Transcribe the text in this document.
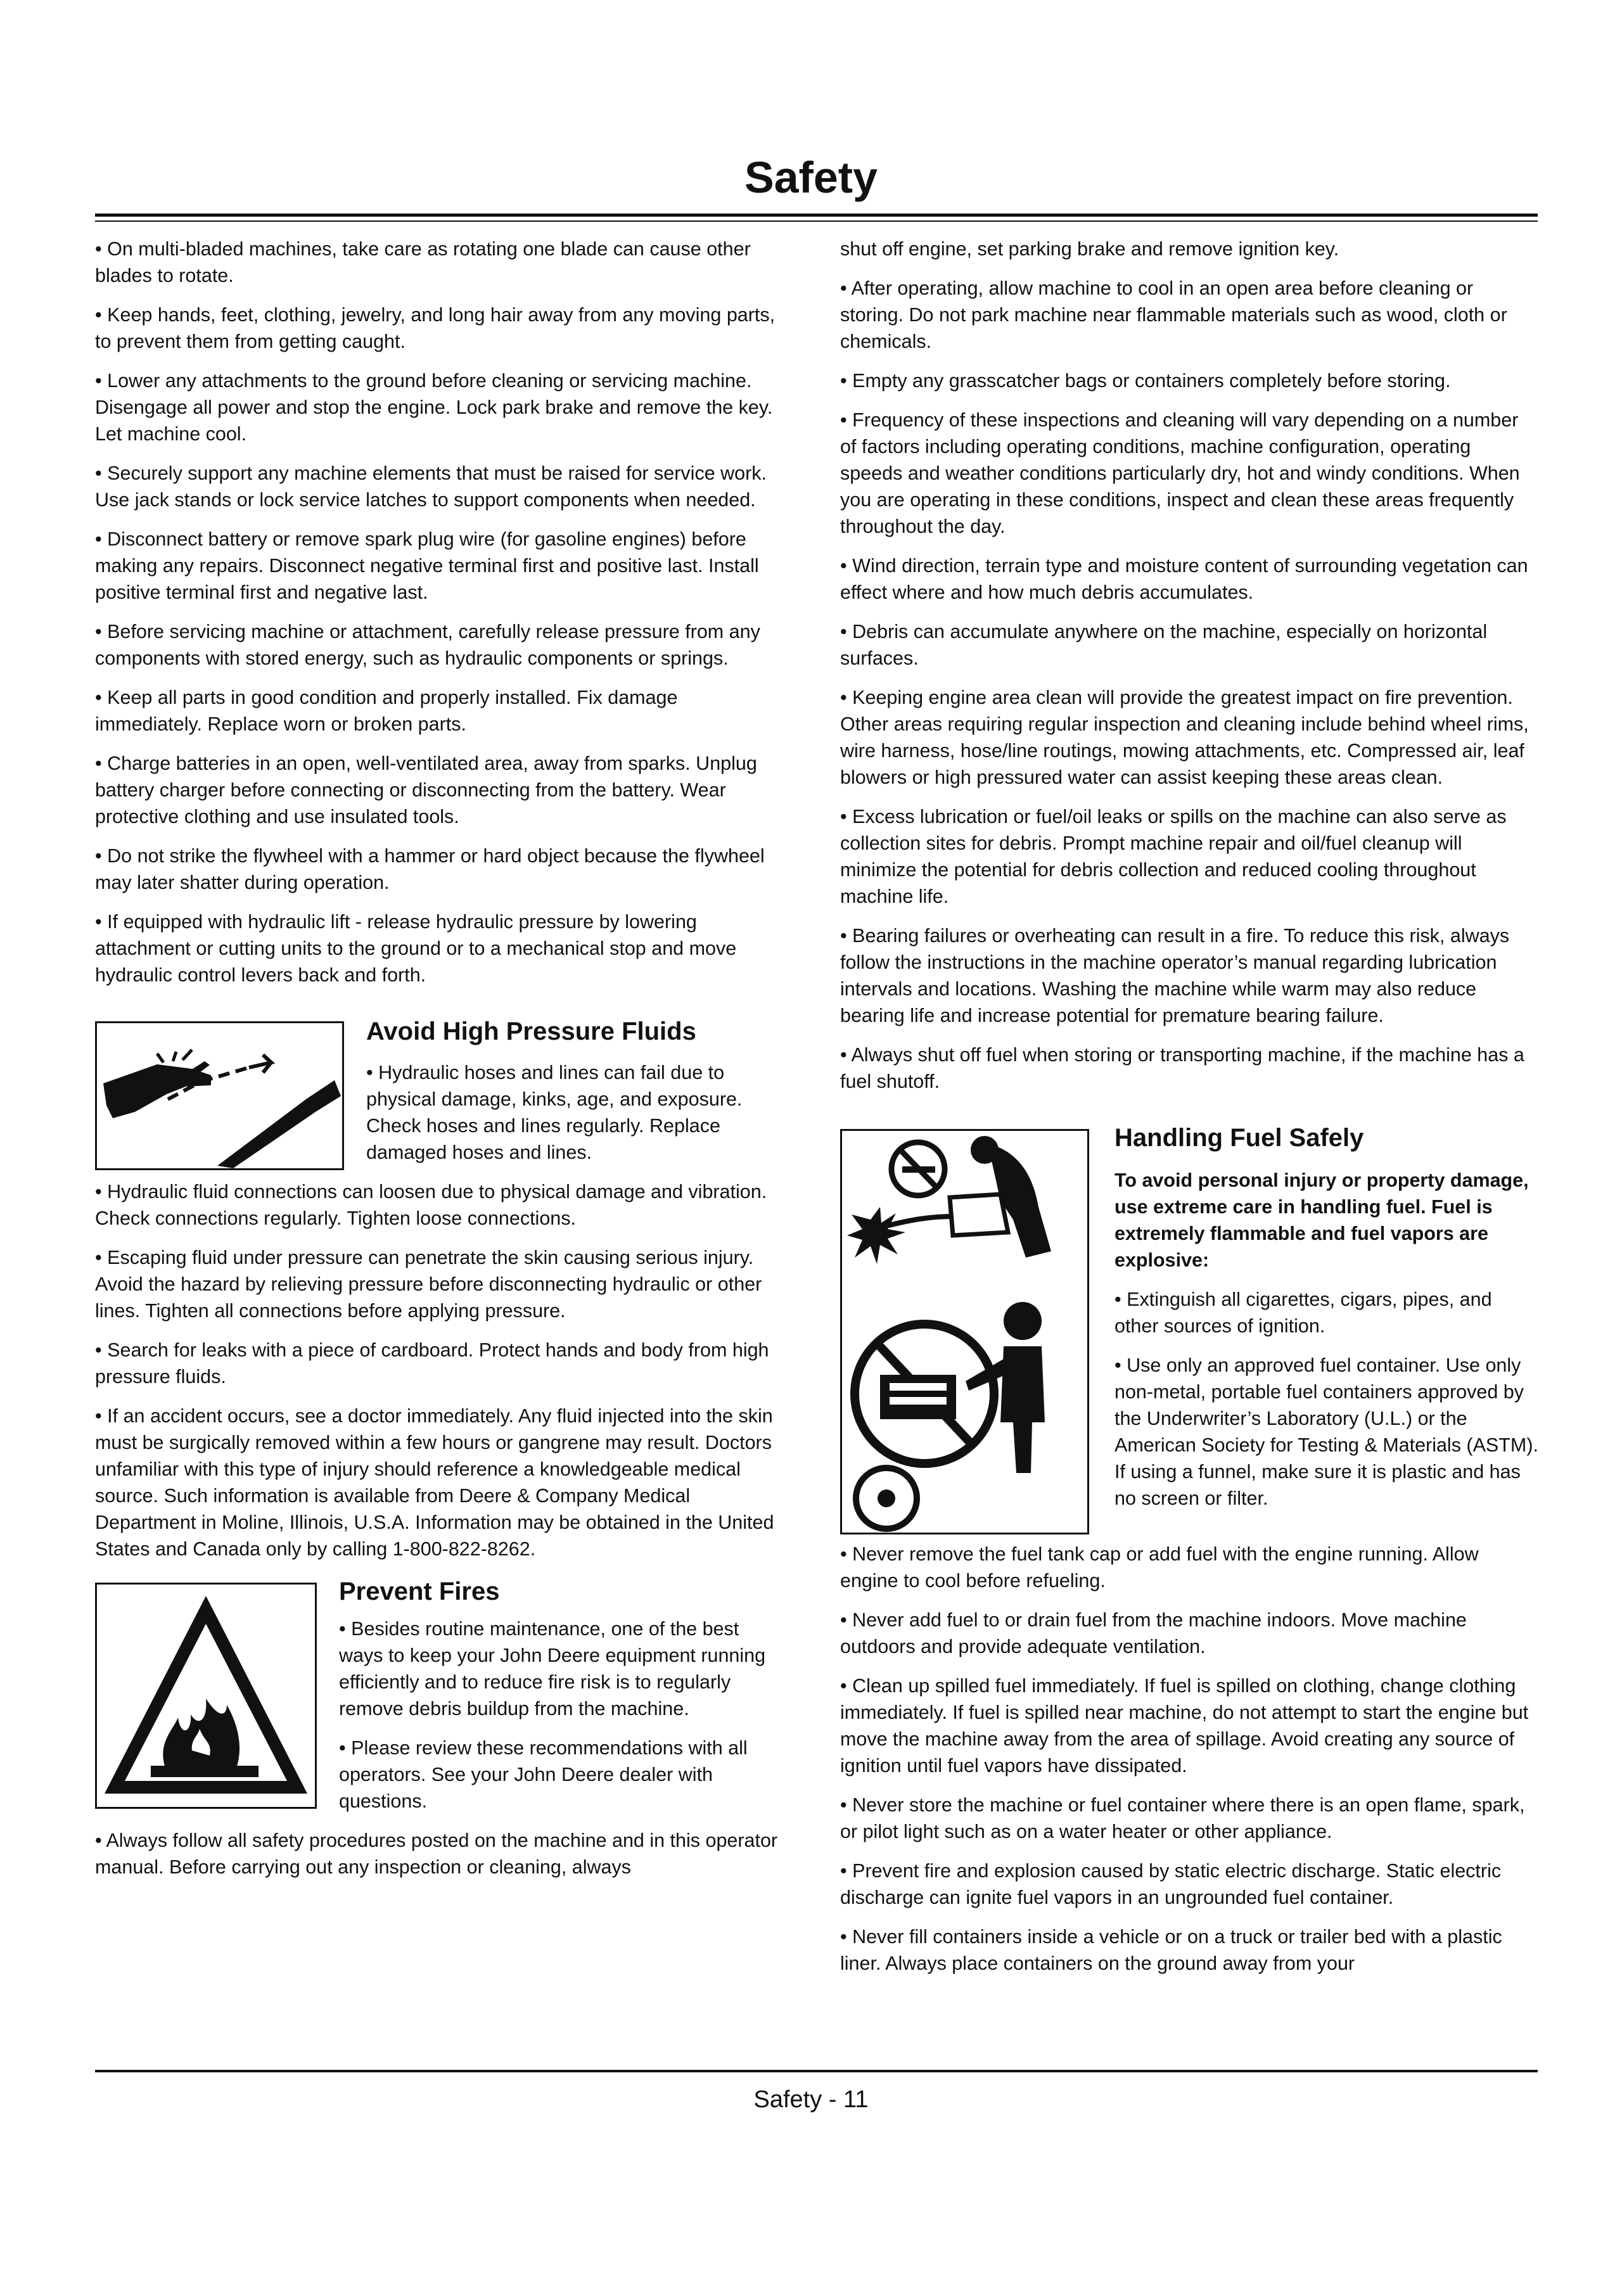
Safety

• On multi-bladed machines, take care as rotating one blade can cause other blades to rotate.

• Keep hands, feet, clothing, jewelry, and long hair away from any moving parts, to prevent them from getting caught.

• Lower any attachments to the ground before cleaning or servicing machine. Disengage all power and stop the engine. Lock park brake and remove the key. Let machine cool.

• Securely support any machine elements that must be raised for service work. Use jack stands or lock service latches to support components when needed.

• Disconnect battery or remove spark plug wire (for gasoline engines) before making any repairs. Disconnect negative terminal first and positive last. Install positive terminal first and negative last.

• Before servicing machine or attachment, carefully release pressure from any components with stored energy, such as hydraulic components or springs.

• Keep all parts in good condition and properly installed. Fix damage immediately. Replace worn or broken parts.

• Charge batteries in an open, well-ventilated area, away from sparks. Unplug battery charger before connecting or disconnecting from the battery. Wear protective clothing and use insulated tools.

• Do not strike the flywheel with a hammer or hard object because the flywheel may later shatter during operation.

• If equipped with hydraulic lift - release hydraulic pressure by lowering attachment or cutting units to the ground or to a mechanical stop and move hydraulic control levers back and forth.

Avoid High Pressure Fluids

• Hydraulic hoses and lines can fail due to physical damage, kinks, age, and exposure. Check hoses and lines regularly. Replace damaged hoses and lines.

• Hydraulic fluid connections can loosen due to physical damage and vibration. Check connections regularly. Tighten loose connections.

• Escaping fluid under pressure can penetrate the skin causing serious injury. Avoid the hazard by relieving pressure before disconnecting hydraulic or other lines. Tighten all connections before applying pressure.

• Search for leaks with a piece of cardboard. Protect hands and body from high pressure fluids.

• If an accident occurs, see a doctor immediately. Any fluid injected into the skin must be surgically removed within a few hours or gangrene may result. Doctors unfamiliar with this type of injury should reference a knowledgeable medical source. Such information is available from Deere & Company Medical Department in Moline, Illinois, U.S.A. Information may be obtained in the United States and Canada only by calling 1-800-822-8262.

Prevent Fires

• Besides routine maintenance, one of the best ways to keep your John Deere equipment running efficiently and to reduce fire risk is to regularly remove debris buildup from the machine.

• Please review these recommendations with all operators. See your John Deere dealer with questions.

• Always follow all safety procedures posted on the machine and in this operator manual. Before carrying out any inspection or cleaning, always

shut off engine, set parking brake and remove ignition key.

• After operating, allow machine to cool in an open area before cleaning or storing. Do not park machine near flammable materials such as wood, cloth or chemicals.

• Empty any grasscatcher bags or containers completely before storing.

• Frequency of these inspections and cleaning will vary depending on a number of factors including operating conditions, machine configuration, operating speeds and weather conditions particularly dry, hot and windy conditions. When you are operating in these conditions, inspect and clean these areas frequently throughout the day.

• Wind direction, terrain type and moisture content of surrounding vegetation can effect where and how much debris accumulates.

• Debris can accumulate anywhere on the machine, especially on horizontal surfaces.

• Keeping engine area clean will provide the greatest impact on fire prevention. Other areas requiring regular inspection and cleaning include behind wheel rims, wire harness, hose/line routings, mowing attachments, etc. Compressed air, leaf blowers or high pressured water can assist keeping these areas clean.

• Excess lubrication or fuel/oil leaks or spills on the machine can also serve as collection sites for debris. Prompt machine repair and oil/fuel cleanup will minimize the potential for debris collection and reduced cooling throughout machine life.

• Bearing failures or overheating can result in a fire. To reduce this risk, always follow the instructions in the machine operator’s manual regarding lubrication intervals and locations. Washing the machine while warm may also reduce bearing life and increase potential for premature bearing failure.

• Always shut off fuel when storing or transporting machine, if the machine has a fuel shutoff.

Handling Fuel Safely

To avoid personal injury or property damage, use extreme care in handling fuel. Fuel is extremely flammable and fuel vapors are explosive:

• Extinguish all cigarettes, cigars, pipes, and other sources of ignition.

• Use only an approved fuel container. Use only non-metal, portable fuel containers approved by the Underwriter’s Laboratory (U.L.) or the American Society for Testing & Materials (ASTM). If using a funnel, make sure it is plastic and has no screen or filter.

• Never remove the fuel tank cap or add fuel with the engine running. Allow engine to cool before refueling.

• Never add fuel to or drain fuel from the machine indoors. Move machine outdoors and provide adequate ventilation.

• Clean up spilled fuel immediately. If fuel is spilled on clothing, change clothing immediately. If fuel is spilled near machine, do not attempt to start the engine but move the machine away from the area of spillage. Avoid creating any source of ignition until fuel vapors have dissipated.

• Never store the machine or fuel container where there is an open flame, spark, or pilot light such as on a water heater or other appliance.

• Prevent fire and explosion caused by static electric discharge. Static electric discharge can ignite fuel vapors in an ungrounded fuel container.

• Never fill containers inside a vehicle or on a truck or trailer bed with a plastic liner. Always place containers on the ground away from your

Safety - 11
